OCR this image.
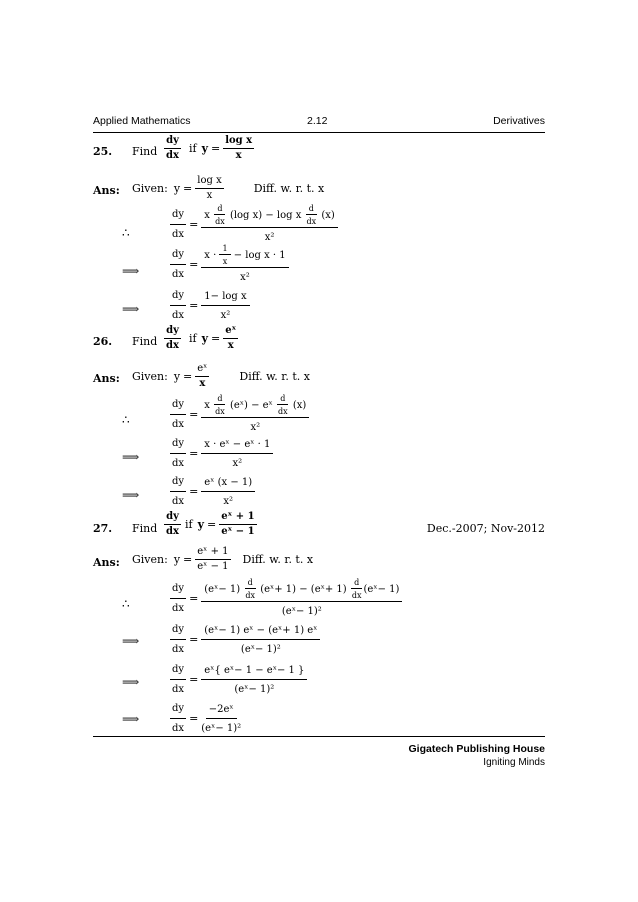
Applied Mathematics	2.12	Derivatives
25. Find $\frac{dy}{dx}$ if $y = \frac{\text{log x}}{x}$
Ans: Given: $y = \frac{\text{log x}}{x}$	Diff. w. r. t. x
∴	$\frac{dy}{dx} = x$
$\frac{d}{dx}$
(log x) − log x
$\frac{d}{dx}$
(x)
x²
⟹	$\frac{dy}{dx} = x$ ·
$\frac{1}{x}$
− log x · 1
x²
⟹	$\frac{dy}{dx} = \frac{\text{1− log x}}{\text{x²}}$
26. Find $\frac{dy}{dx}$ if $y = \frac{\text{eˣ}}{x}$
Ans: Given: $y = \frac{\text{eˣ}}{x}$	Diff. w. r. t. x
∴	$\frac{dy}{dx} = x$
$\frac{d}{dx}$
(eˣ) − eˣ
$\frac{d}{dx}$
(x)
x²
⟹	$\frac{dy}{dx} = \frac{\text{x · eˣ − eˣ · 1}}{\text{x²}}$
⟹	$\frac{dy}{dx} = \frac{\text{eˣ (x − 1)}}{\text{x²}}$
27. Find $\frac{dy}{dx}$ if $y = \frac{\text{eˣ + 1}}{\text{eˣ − 1}}$	Dec.-2007; Nov-2012
Ans: Given: $y = \frac{\text{eˣ + 1}}{\text{eˣ − 1}}$ Diff. w. r. t. x
∴	$\frac{dy}{dx}$ = (eˣ− 1)
$\frac{d}{dx}$
(eˣ+ 1) − (eˣ+ 1)
$\frac{d}{dx}$ (eˣ− 1)
(eˣ− 1)²
⟹	$\frac{dy}{dx} = \frac{\text{(eˣ− 1) eˣ − (eˣ+ 1) eˣ}}{\text{(eˣ− 1)²}}$
⟹	$\frac{dy}{dx} = \frac{\text{eˣ\{ eˣ− 1 − eˣ− 1 \}}}{\text{(eˣ− 1)²}}$
⟹	$\frac{dy}{dx} = \frac{\text{−2eˣ}}{\text{(eˣ− 1)²}}$
Gigatech Publishing House
Igniting Minds
